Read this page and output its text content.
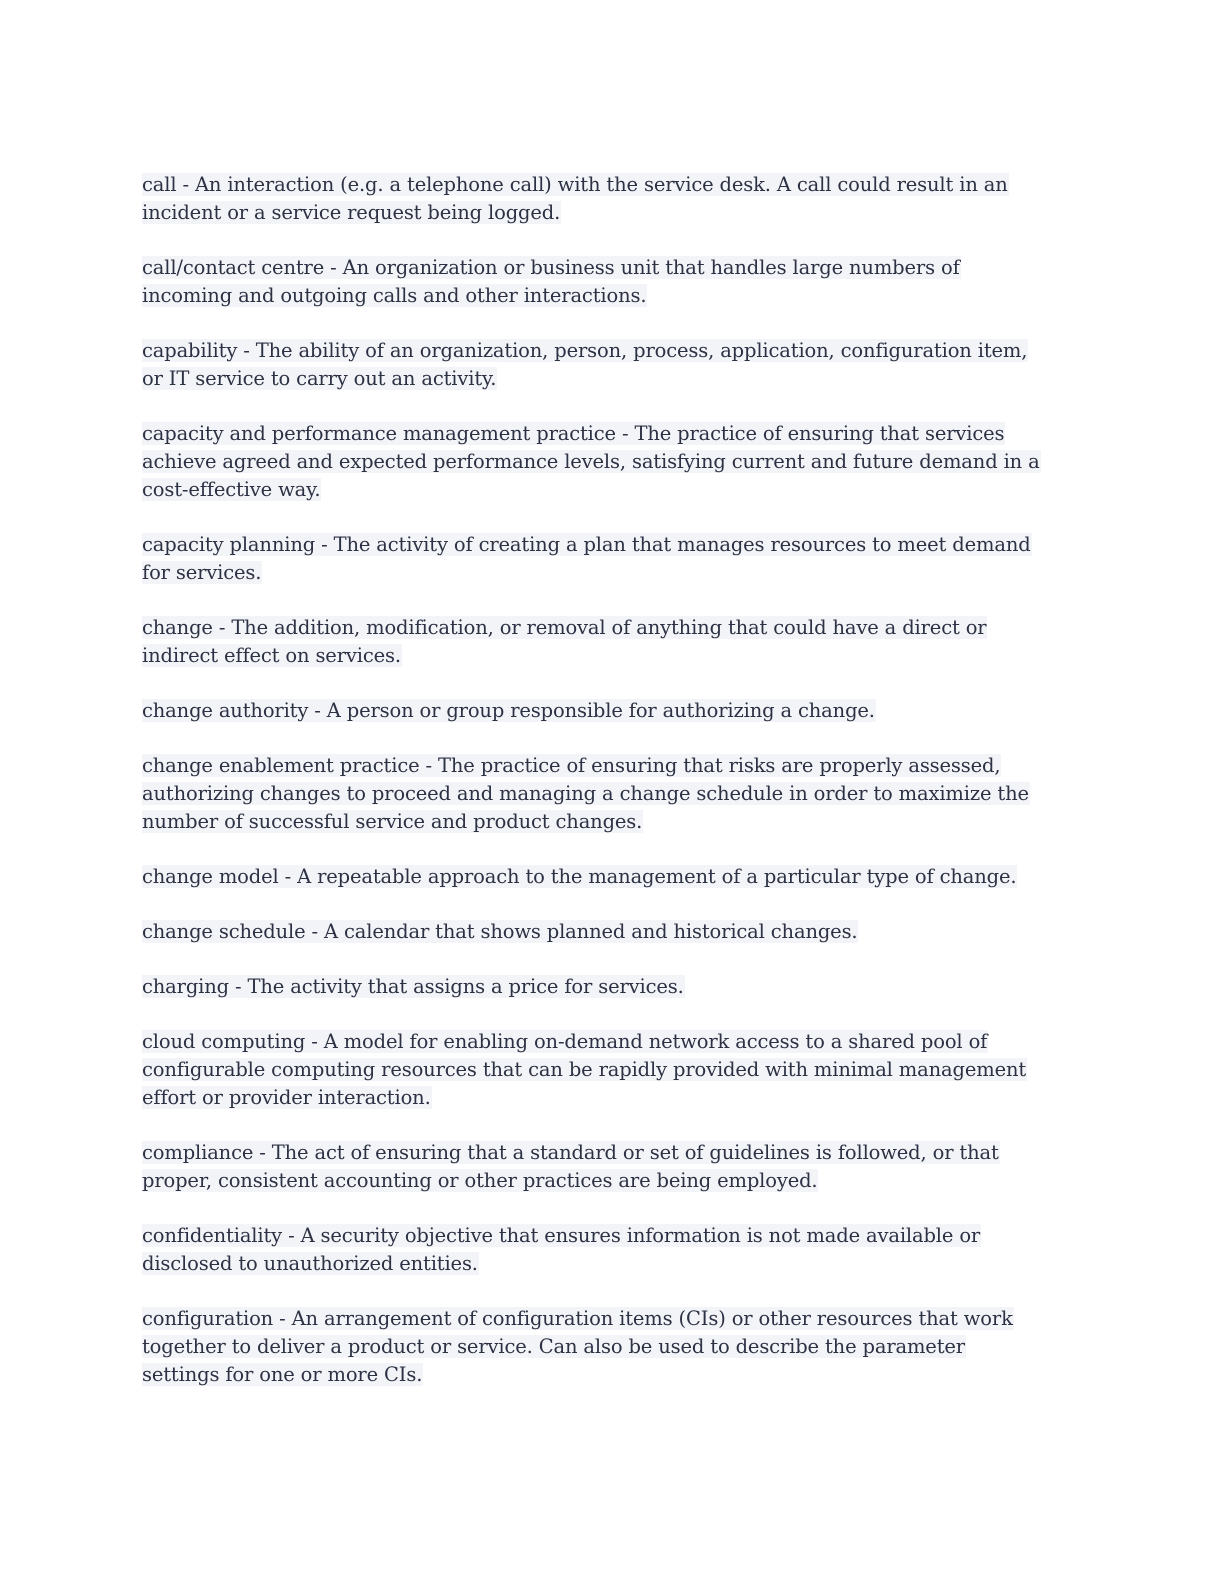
call - An interaction (e.g. a telephone call) with the service desk. A call could result in an
incident or a service request being logged.

call/contact centre - An organization or business unit that handles large numbers of
incoming and outgoing calls and other interactions.

capability - The ability of an organization, person, process, application, configuration item,
or IT service to carry out an activity.

capacity and performance management practice - The practice of ensuring that services
achieve agreed and expected performance levels, satisfying current and future demand in a
cost-effective way.

capacity planning - The activity of creating a plan that manages resources to meet demand
for services.

change - The addition, modification, or removal of anything that could have a direct or
indirect effect on services.

change authority - A person or group responsible for authorizing a change.

change enablement practice - The practice of ensuring that risks are properly assessed,
authorizing changes to proceed and managing a change schedule in order to maximize the
number of successful service and product changes.

change model - A repeatable approach to the management of a particular type of change.

change schedule - A calendar that shows planned and historical changes.

charging - The activity that assigns a price for services.

cloud computing - A model for enabling on-demand network access to a shared pool of
configurable computing resources that can be rapidly provided with minimal management
effort or provider interaction.

compliance - The act of ensuring that a standard or set of guidelines is followed, or that
proper, consistent accounting or other practices are being employed.

confidentiality - A security objective that ensures information is not made available or
disclosed to unauthorized entities.

configuration - An arrangement of configuration items (CIs) or other resources that work
together to deliver a product or service. Can also be used to describe the parameter
settings for one or more CIs.
